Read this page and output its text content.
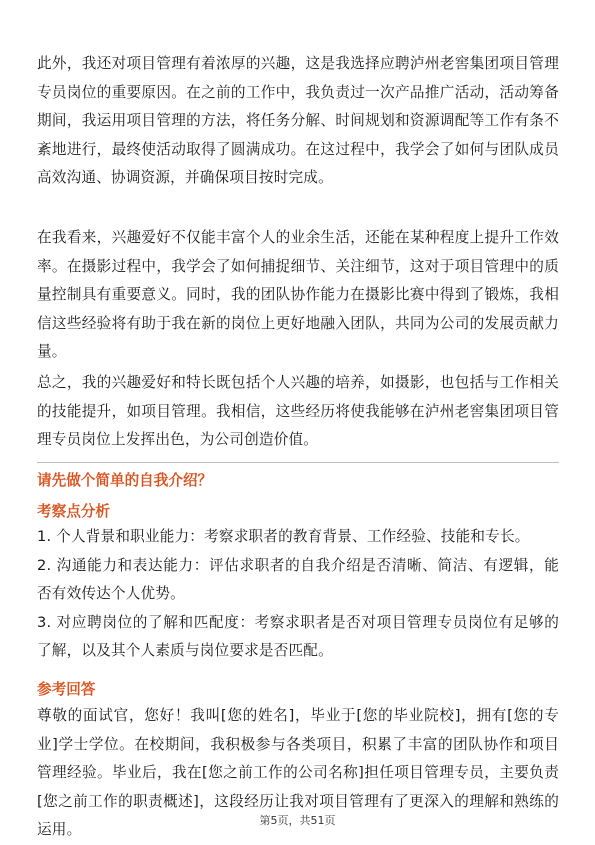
此外，我还对项目管理有着浓厚的兴趣，这是我选择应聘泸州老窖集团项目管理专员岗位的重要原因。在之前的工作中，我负责过一次产品推广活动，活动筹备期间，我运用项目管理的方法，将任务分解、时间规划和资源调配等工作有条不紊地进行，最终使活动取得了圆满成功。在这过程中，我学会了如何与团队成员高效沟通、协调资源，并确保项目按时完成。

在我看来，兴趣爱好不仅能丰富个人的业余生活，还能在某种程度上提升工作效率。在摄影过程中，我学会了如何捕捉细节、关注细节，这对于项目管理中的质量控制具有重要意义。同时，我的团队协作能力在摄影比赛中得到了锻炼，我相信这些经验将有助于我在新的岗位上更好地融入团队，共同为公司的发展贡献力量。

总之，我的兴趣爱好和特长既包括个人兴趣的培养，如摄影，也包括与工作相关的技能提升，如项目管理。我相信，这些经历将使我能够在泸州老窖集团项目管理专员岗位上发挥出色，为公司创造价值。

请先做个简单的自我介绍？

考察点分析

1. 个人背景和职业能力：考察求职者的教育背景、工作经验、技能和专长。
2. 沟通能力和表达能力：评估求职者的自我介绍是否清晰、简洁、有逻辑，能否有效传达个人优势。
3. 对应聘岗位的了解和匹配度：考察求职者是否对项目管理专员岗位有足够的了解，以及其个人素质与岗位要求是否匹配。

参考回答

尊敬的面试官，您好！我叫[您的姓名]，毕业于[您的毕业院校]，拥有[您的专业]学士学位。在校期间，我积极参与各类项目，积累了丰富的团队协作和项目管理经验。毕业后，我在[您之前工作的公司名称]担任项目管理专员，主要负责[您之前工作的职责概述]，这段经历让我对项目管理有了更深入的理解和熟练的运用。

第5页，共51页
